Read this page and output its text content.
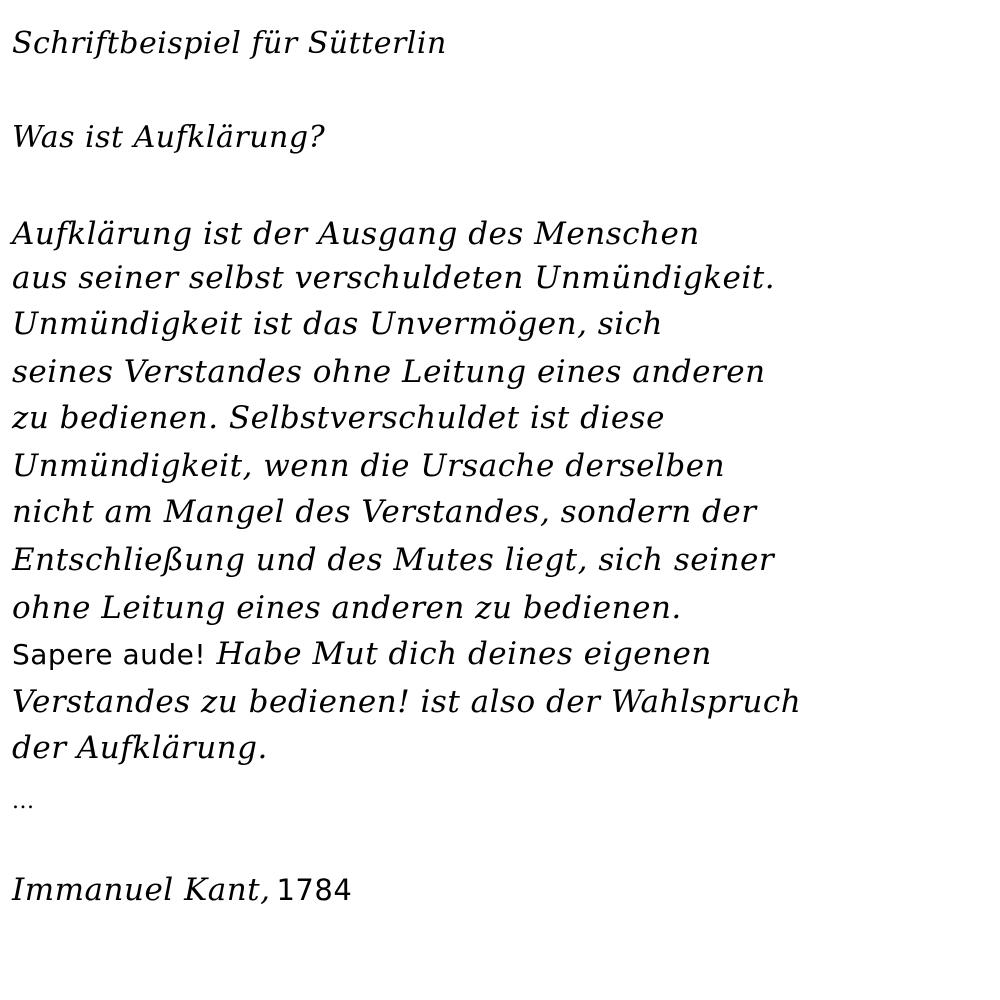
Schriftbeispiel für Sütterlin
Was ist Aufklärung?
Aufklärung ist der Ausgang des Menschen
aus seiner selbst verschuldeten Unmündigkeit.
Unmündigkeit ist das Unvermögen, sich
seines Verstandes ohne Leitung eines anderen
zu bedienen. Selbstverschuldet ist diese
Unmündigkeit, wenn die Ursache derselben
nicht am Mangel des Verstandes, sondern der
Entschließung und des Mutes liegt, sich seiner
ohne Leitung eines anderen zu bedienen.
Sapere aude! Habe Mut dich deines eigenen
Verstandes zu bedienen! ist also der Wahlspruch
der Aufklärung.
...
Immanuel Kant, 1784
